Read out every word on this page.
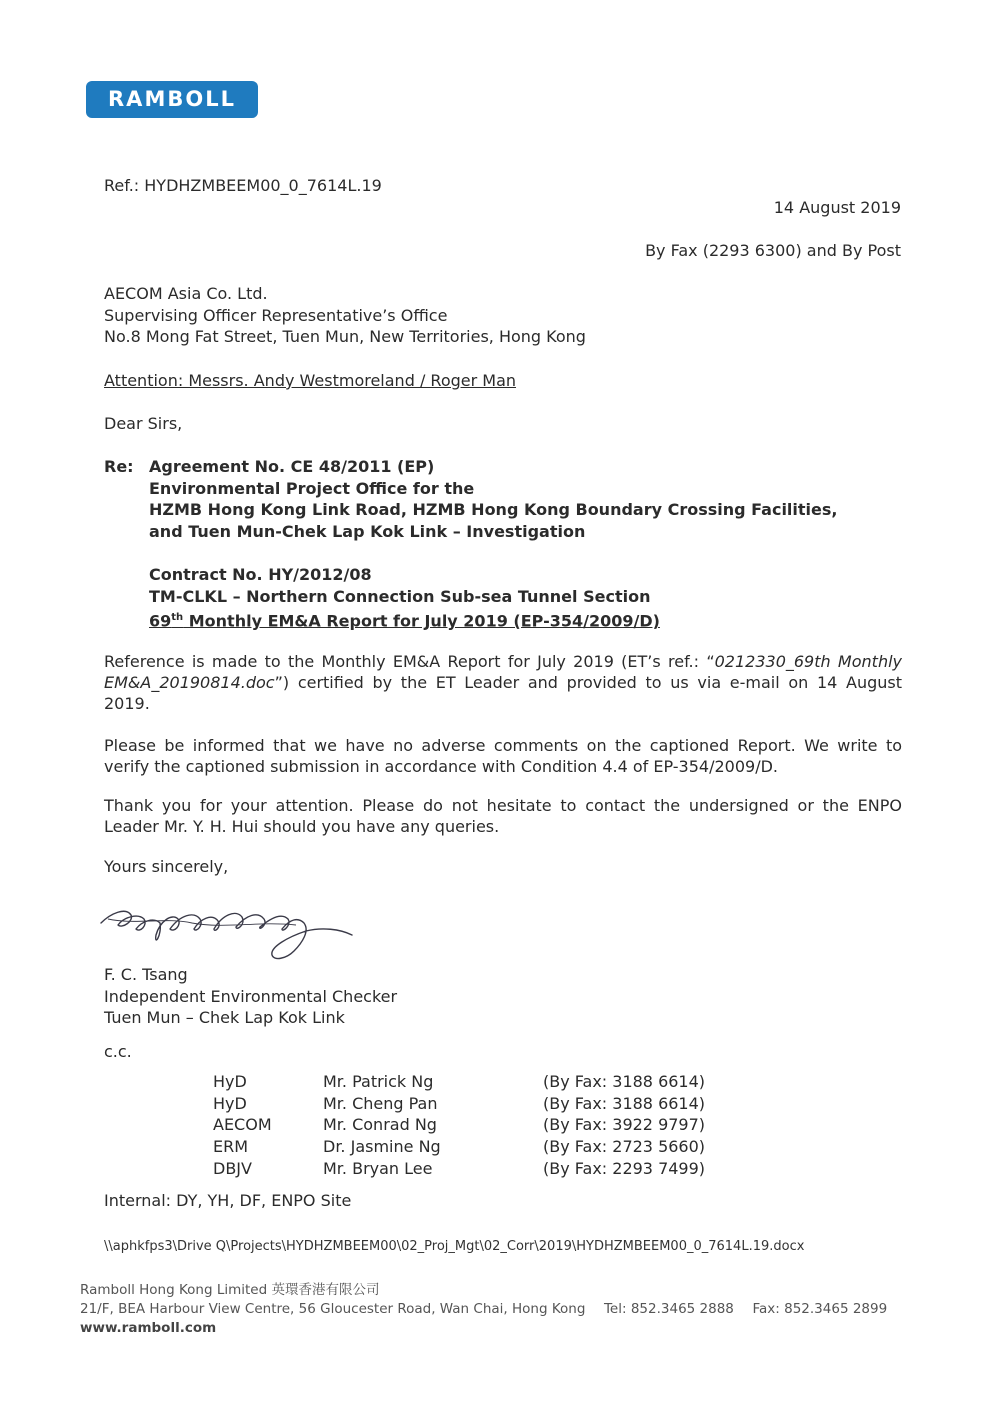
RAMBOLL
Ref.: HYDHZMBEEM00_0_7614L.19
14 August 2019
By Fax (2293 6300) and By Post
AECOM Asia Co. Ltd.
Supervising Officer Representative’s Office
No.8 Mong Fat Street, Tuen Mun, New Territories, Hong Kong
Attention: Messrs. Andy Westmoreland / Roger Man
Dear Sirs,
Re: Agreement No. CE 48/2011 (EP)
Environmental Project Office for the
HZMB Hong Kong Link Road, HZMB Hong Kong Boundary Crossing Facilities,
and Tuen Mun-Chek Lap Kok Link – Investigation
Contract No. HY/2012/08
TM-CLKL – Northern Connection Sub-sea Tunnel Section
69th Monthly EM&A Report for July 2019 (EP-354/2009/D)
Reference is made to the Monthly EM&A Report for July 2019 (ET’s ref.: “0212330_69th Monthly EM&A_20190814.doc”) certified by the ET Leader and provided to us via e-mail on 14 August 2019.
Please be informed that we have no adverse comments on the captioned Report. We write to verify the captioned submission in accordance with Condition 4.4 of EP-354/2009/D.
Thank you for your attention. Please do not hesitate to contact the undersigned or the ENPO Leader Mr. Y. H. Hui should you have any queries.
Yours sincerely,
F. C. Tsang
Independent Environmental Checker
Tuen Mun – Chek Lap Kok Link
c.c.
HyD	Mr. Patrick Ng	(By Fax: 3188 6614)
HyD	Mr. Cheng Pan	(By Fax: 3188 6614)
AECOM	Mr. Conrad Ng	(By Fax: 3922 9797)
ERM	Dr. Jasmine Ng	(By Fax: 2723 5660)
DBJV	Mr. Bryan Lee	(By Fax: 2293 7499)
Internal: DY, YH, DF, ENPO Site
\\aphkfps3\Drive Q\Projects\HYDHZMBEEM00\02_Proj_Mgt\02_Corr\2019\HYDHZMBEEM00_0_7614L.19.docx
Ramboll Hong Kong Limited 英環香港有限公司
21/F, BEA Harbour View Centre, 56 Gloucester Road, Wan Chai, Hong Kong Tel: 852.3465 2888 Fax: 852.3465 2899
www.ramboll.com
